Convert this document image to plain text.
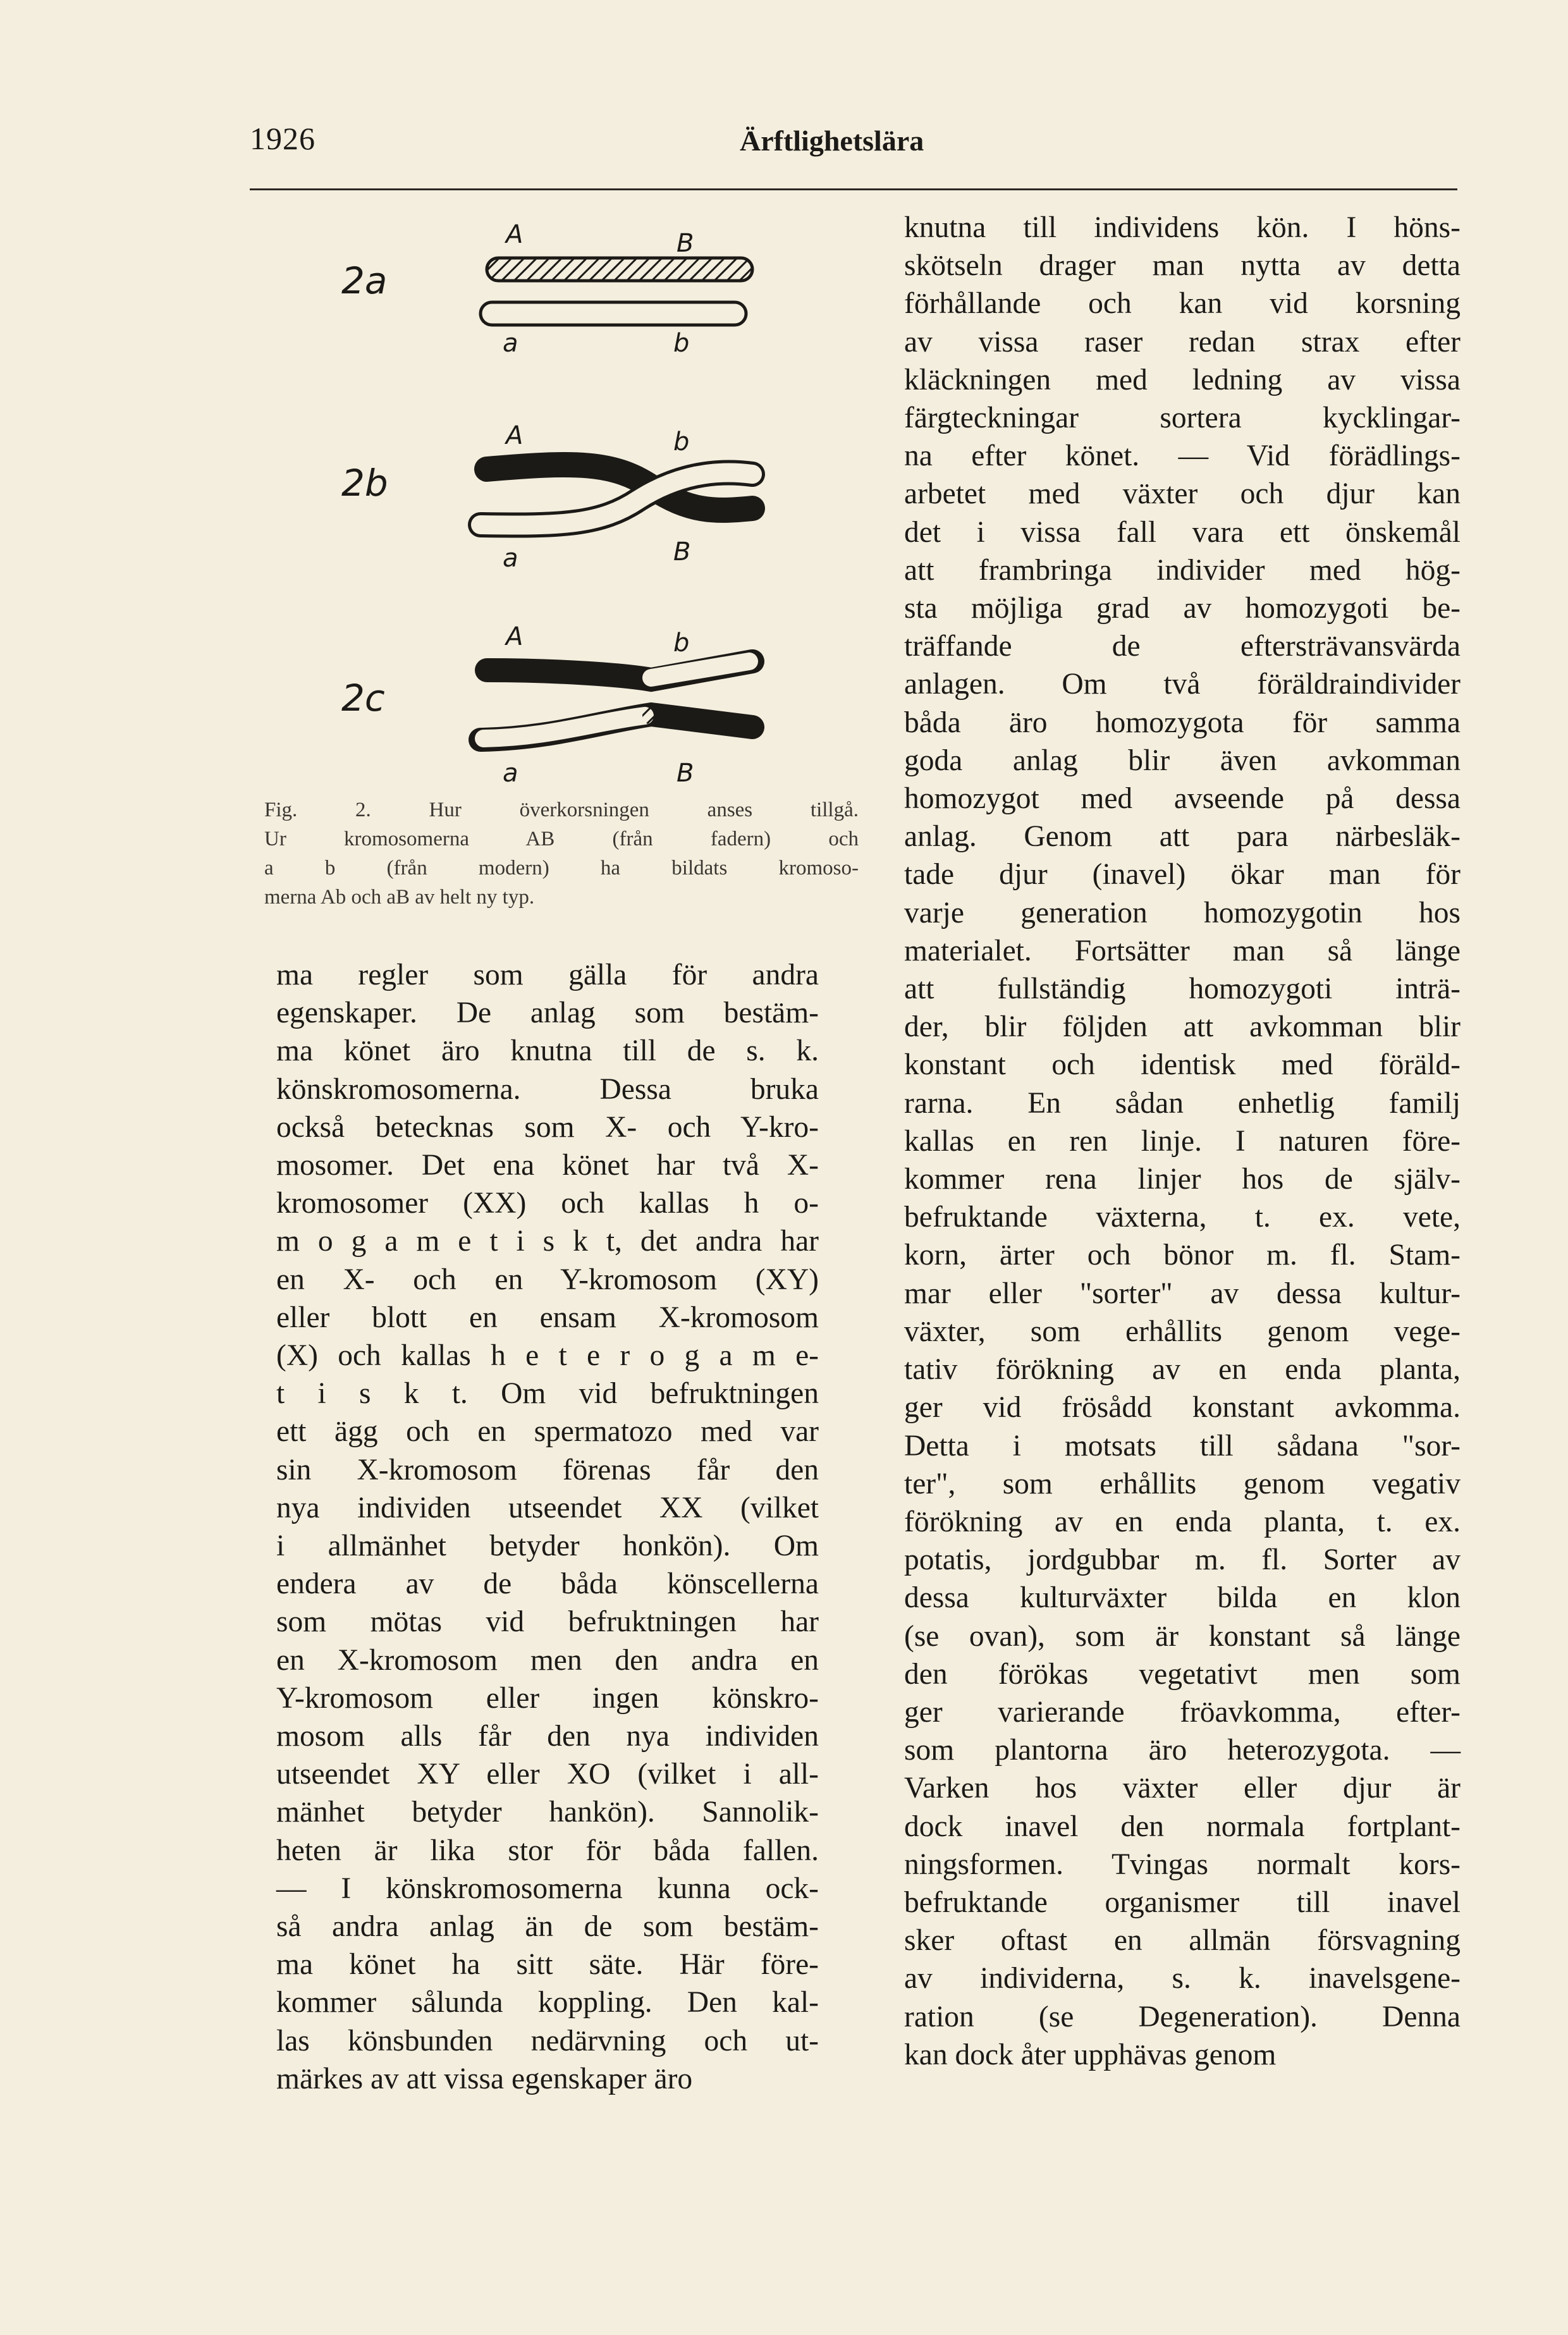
1926	Ärftlighetslära
2a
2b
2c
A	B
a	b
A	b
a	B
A	b
a	B
Fig. 2. Hur överkorsningen anses tillgå.
Ur kromosomerna AB (från fadern) och
a b (från modern) ha bildats kromoso-
merna Ab och aB av helt ny typ.
ma regler som gälla för andra
egenskaper. De anlag som bestäm-
ma könet äro knutna till de s. k.
könskromosomerna. Dessa bruka
också betecknas som X- och Y-kro-
mosomer. Det ena könet har två X-
kromosomer (XX) och kallas h o-
m o g a m e t i s k t, det andra har
en X- och en Y-kromosom (XY)
eller blott en ensam X-kromosom
(X) och kallas h e t e r o g a m e-
t i s k t. Om vid befruktningen
ett ägg och en spermatozo med var
sin X-kromosom förenas får den
nya individen utseendet XX (vilket
i allmänhet betyder honkön). Om
endera av de båda könscellerna
som mötas vid befruktningen har
en X-kromosom men den andra en
Y-kromosom eller ingen könskro-
mosom alls får den nya individen
utseendet XY eller XO (vilket i all-
mänhet betyder hankön). Sannolik-
heten är lika stor för båda fallen.
— I könskromosomerna kunna ock-
så andra anlag än de som bestäm-
ma könet ha sitt säte. Här före-
kommer sålunda koppling. Den kal-
las könsbunden nedärvning och ut-
märkes av att vissa egenskaper äro
knutna till individens kön. I höns-
skötseln drager man nytta av detta
förhållande och kan vid korsning
av vissa raser redan strax efter
kläckningen med ledning av vissa
färgteckningar sortera kycklingar-
na efter könet. — Vid förädlings-
arbetet med växter och djur kan
det i vissa fall vara ett önskemål
att frambringa individer med hög-
sta möjliga grad av homozygoti be-
träffande de eftersträvansvärda
anlagen. Om två föräldraindivider
båda äro homozygota för samma
goda anlag blir även avkomman
homozygot med avseende på dessa
anlag. Genom att para närbesläk-
tade djur (inavel) ökar man för
varje generation homozygotin hos
materialet. Fortsätter man så länge
att fullständig homozygoti inträ-
der, blir följden att avkomman blir
konstant och identisk med föräld-
rarna. En sådan enhetlig familj
kallas en ren linje. I naturen före-
kommer rena linjer hos de själv-
befruktande växterna, t. ex. vete,
korn, ärter och bönor m. fl. Stam-
mar eller "sorter" av dessa kultur-
växter, som erhållits genom vege-
tativ förökning av en enda planta,
ger vid frösådd konstant avkomma.
Detta i motsats till sådana "sor-
ter", som erhållits genom vegativ
förökning av en enda planta, t. ex.
potatis, jordgubbar m. fl. Sorter av
dessa kulturväxter bilda en klon
(se ovan), som är konstant så länge
den förökas vegetativt men som
ger varierande fröavkomma, efter-
som plantorna äro heterozygota. —
Varken hos växter eller djur är
dock inavel den normala fortplant-
ningsformen. Tvingas normalt kors-
befruktande organismer till inavel
sker oftast en allmän försvagning
av individerna, s. k. inavelsgene-
ration (se Degeneration). Denna
kan dock åter upphävas genom
